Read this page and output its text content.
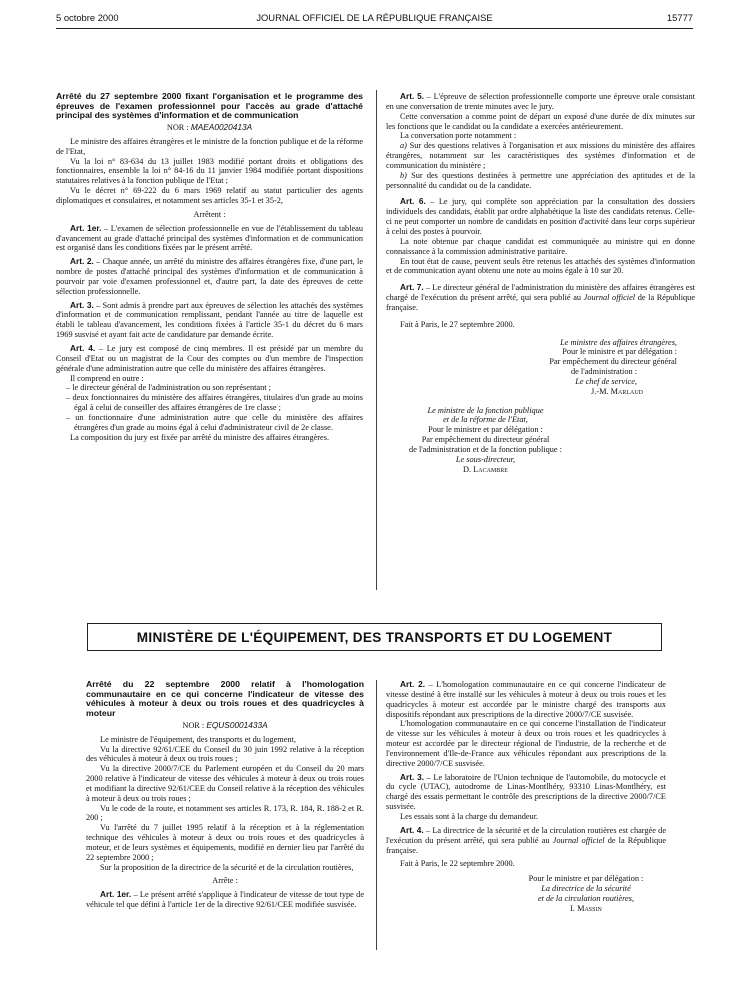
5 octobre 2000	JOURNAL OFFICIEL DE LA RÉPUBLIQUE FRANÇAISE	15777

Arrêté du 27 septembre 2000 fixant l'organisation et le programme des épreuves de l'examen professionnel pour l'accès au grade d'attaché principal des systèmes d'information et de communication

NOR : MAEA0020413A

Le ministre des affaires étrangères et le ministre de la fonction publique et de la réforme de l'Etat,

Vu la loi n° 83-634 du 13 juillet 1983 modifié portant droits et obligations des fonctionnaires, ensemble la loi n° 84-16 du 11 janvier 1984 modifiée portant dispositions statutaires relatives à la fonction publique de l'Etat ;

Vu le décret n° 69-222 du 6 mars 1969 relatif au statut particulier des agents diplomatiques et consulaires, et notamment ses articles 35-1 et 35-2,

Arrêtent :

Art. 1er. – L'examen de sélection professionnelle en vue de l'établissement du tableau d'avancement au grade d'attaché principal des systèmes d'information et de communication est organisé dans les conditions fixées par le présent arrêté.

Art. 2. – Chaque année, un arrêté du ministre des affaires étrangères fixe, d'une part, le nombre de postes d'attaché principal des systèmes d'information et de communication à pourvoir par voie d'examen professionnel et, d'autre part, la date des épreuves de cette sélection professionnelle.

Art. 3. – Sont admis à prendre part aux épreuves de sélection les attachés des systèmes d'information et de communication remplissant, pendant l'année au titre de laquelle est établi le tableau d'avancement, les conditions fixées à l'article 35-1 du décret du 6 mars 1969 susvisé et ayant fait acte de candidature par demande écrite.

Art. 4. – Le jury est composé de cinq membres. Il est présidé par un membre du Conseil d'Etat ou un magistrat de la Cour des comptes ou d'un membre de l'inspection générale d'une administration autre que celle du ministère des affaires étrangères.

Il comprend en outre :

– le directeur général de l'administration ou son représentant ;
– deux fonctionnaires du ministère des affaires étrangères, titulaires d'un grade au moins égal à celui de conseiller des affaires étrangères de 1re classe ;
– un fonctionnaire d'une administration autre que celle du ministère des affaires étrangères d'un grade au moins égal à celui d'administrateur civil de 2e classe.

La composition du jury est fixée par arrêté du ministre des affaires étrangères.

Art. 5. – L'épreuve de sélection professionnelle comporte une épreuve orale consistant en une conversation de trente minutes avec le jury.

Cette conversation a comme point de départ un exposé d'une durée de dix minutes sur les fonctions que le candidat ou la candidate a exercées antérieurement.

La conversation porte notamment :

a) Sur des questions relatives à l'organisation et aux missions du ministère des affaires étrangères, notamment sur les caractéristiques des systèmes d'information et de communication du ministère ;

b) Sur des questions destinées à permettre une appréciation des aptitudes et de la personnalité du candidat ou de la candidate.

Art. 6. – Le jury, qui complète son appréciation par la consultation des dossiers individuels des candidats, établit par ordre alphabétique la liste des candidats retenus. Celle-ci ne peut comporter un nombre de candidats en position d'activité dans leur corps supérieur à celui des postes à pourvoir.

La note obtenue par chaque candidat est communiquée au ministre qui en donne connaissance à la commission administrative paritaire.

En tout état de cause, peuvent seuls être retenus les attachés des systèmes d'information et de communication ayant obtenu une note au moins égale à 10 sur 20.

Art. 7. – Le directeur général de l'administration du ministère des affaires étrangères est chargé de l'exécution du présent arrêté, qui sera publié au Journal officiel de la République française.

Fait à Paris, le 27 septembre 2000.

Le ministre des affaires étrangères,

Pour le ministre et par délégation :

Par empêchement du directeur général

de l'administration :

Le chef de service,

J.-M. Marlaud

Le ministre de la fonction publique

et de la réforme de l'Etat,

Pour le ministre et par délégation :

Par empêchement du directeur général

de l'administration et de la fonction publique :

Le sous-directeur,

D. Lacambre

MINISTÈRE DE L'ÉQUIPEMENT, DES TRANSPORTS ET DU LOGEMENT

Arrêté du 22 septembre 2000 relatif à l'homologation communautaire en ce qui concerne l'indicateur de vitesse des véhicules à moteur à deux ou trois roues et des quadricycles à moteur

NOR : EQUS0001433A

Le ministre de l'équipement, des transports et du logement,

Vu la directive 92/61/CEE du Conseil du 30 juin 1992 relative à la réception des véhicules à moteur à deux ou trois roues ;

Vu la directive 2000/7/CE du Parlement européen et du Conseil du 20 mars 2000 relative à l'indicateur de vitesse des véhicules à moteur à deux ou trois roues et modifiant la directive 92/61/CEE du Conseil relative à la réception des véhicules à moteur à deux ou trois roues ;

Vu le code de la route, et notamment ses articles R. 173, R. 184, R. 188-2 et R. 200 ;

Vu l'arrêté du 7 juillet 1995 relatif à la réception et à la réglementation technique des véhicules à moteur à deux ou trois roues et des quadricycles à moteur, et de leurs systèmes et équipements, modifié en dernier lieu par l'arrêté du 22 septembre 2000 ;

Sur la proposition de la directrice de la sécurité et de la circulation routières,

Arrête :

Art. 1er. – Le présent arrêté s'applique à l'indicateur de vitesse de tout type de véhicule tel que défini à l'article 1er de la directive 92/61/CEE modifiée susvisée.

Art. 2. – L'homologation communautaire en ce qui concerne l'indicateur de vitesse destiné à être installé sur les véhicules à moteur à deux ou trois roues et les quadricycles à moteur est accordée par le ministre chargé des transports aux dispositifs répondant aux prescriptions de la directive 2000/7/CE susvisée.

L'homologation communautaire en ce qui concerne l'installation de l'indicateur de vitesse sur les véhicules à moteur à deux ou trois roues et les quadricycles à moteur est accordée par le directeur régional de l'industrie, de la recherche et de l'environnement d'Ile-de-France aux véhicules répondant aux prescriptions de la directive 2000/7/CE susvisée.

Art. 3. – Le laboratoire de l'Union technique de l'automobile, du motocycle et du cycle (UTAC), autodrome de Linas-Montlhéry, 93310 Linas-Montlhéry, est chargé des essais permettant le contrôle des prescriptions de la directive 2000/7/CE susvisée.

Les essais sont à la charge du demandeur.

Art. 4. – La directrice de la sécurité et de la circulation routières est chargée de l'exécution du présent arrêté, qui sera publié au Journal officiel de la République française.

Fait à Paris, le 22 septembre 2000.

Pour le ministre et par délégation :

La directrice de la sécurité

et de la circulation routières,

I. Massin
